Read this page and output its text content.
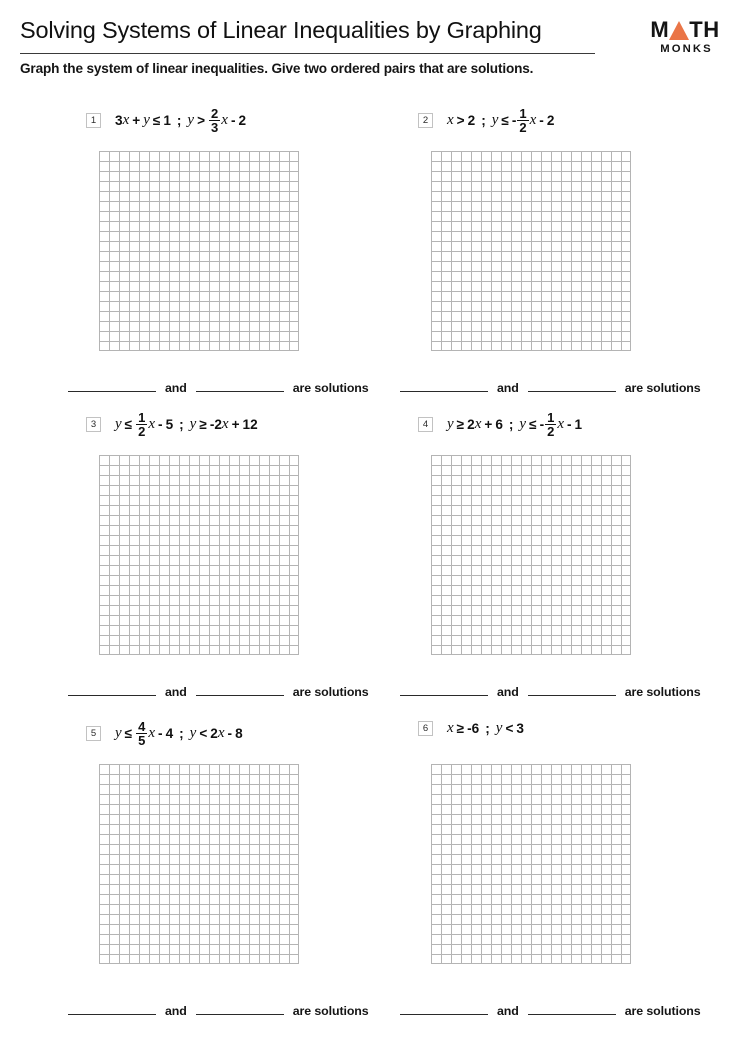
Solving Systems of Linear Inequalities by Graphing
Graph the system of linear inequalities. Give two ordered pairs that are solutions.
M TH
MONKS
1	3 x + y ≤ 1 ; $y > \frac{2}{3}$ x - 2
and	are solutions
2	x > 2 ; y ≤ - $\frac{1}{2}$ x - 2
and	are solutions
3	$y \le \frac{1}{2}$ x - 5 ; y ≥ -2 x + 12
and	are solutions
4	y ≥ 2 x + 6 ; y ≤ - $\frac{1}{2}$ x - 1
and	are solutions
5	$y \le \frac{4}{5}$ x - 4 ; y < 2 x - 8
and	are solutions
6	x ≥ -6 ; y < 3
and	are solutions
